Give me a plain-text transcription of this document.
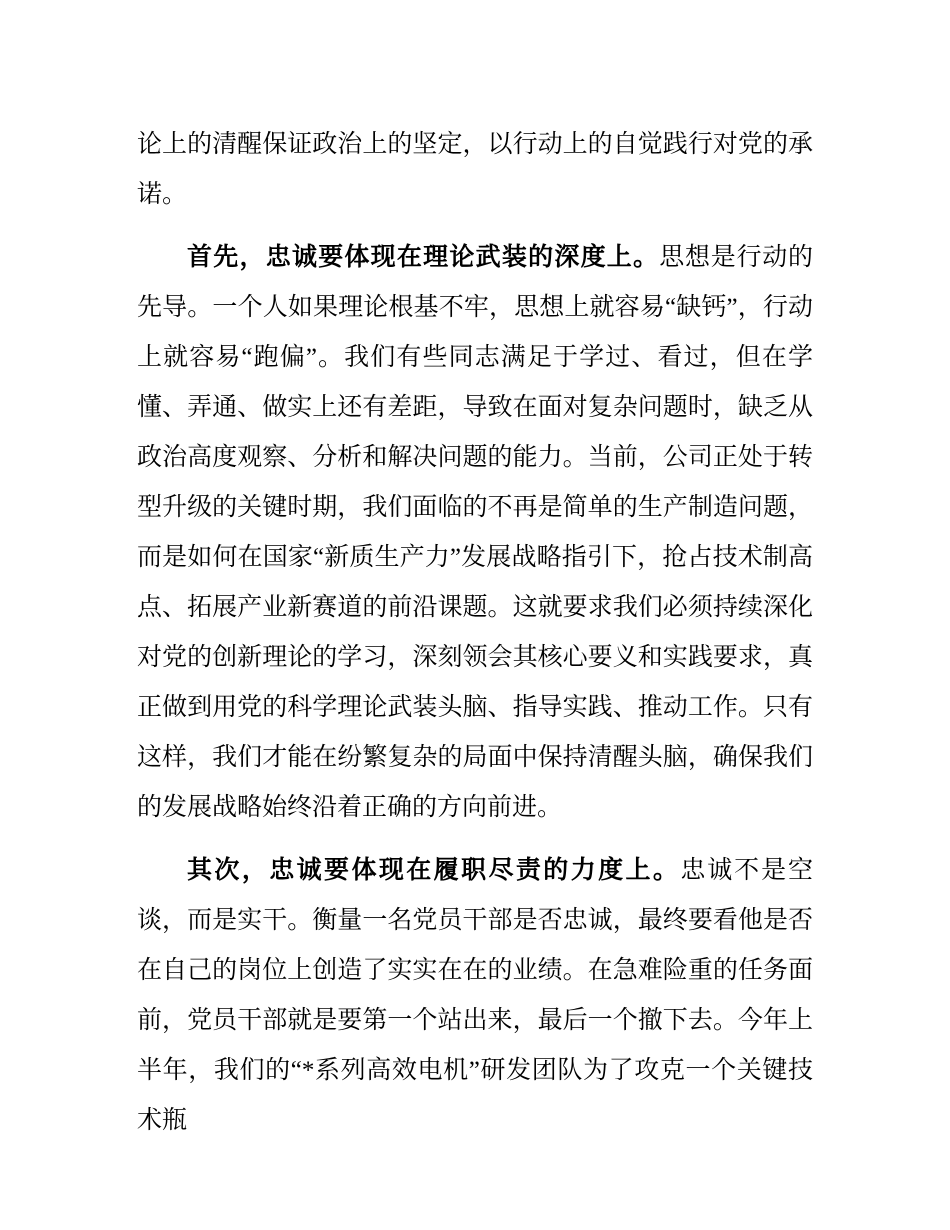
论上的清醒保证政治上的坚定，以行动上的自觉践行对党的承诺。

首先，忠诚要体现在理论武装的深度上。思想是行动的先导。一个人如果理论根基不牢，思想上就容易“缺钙”，行动上就容易“跑偏”。我们有些同志满足于学过、看过，但在学懂、弄通、做实上还有差距，导致在面对复杂问题时，缺乏从政治高度观察、分析和解决问题的能力。当前，公司正处于转型升级的关键时期，我们面临的不再是简单的生产制造问题，而是如何在国家“新质生产力”发展战略指引下，抢占技术制高点、拓展产业新赛道的前沿课题。这就要求我们必须持续深化对党的创新理论的学习，深刻领会其核心要义和实践要求，真正做到用党的科学理论武装头脑、指导实践、推动工作。只有这样，我们才能在纷繁复杂的局面中保持清醒头脑，确保我们的发展战略始终沿着正确的方向前进。

其次，忠诚要体现在履职尽责的力度上。忠诚不是空谈，而是实干。衡量一名党员干部是否忠诚，最终要看他是否在自己的岗位上创造了实实在在的业绩。在急难险重的任务面前，党员干部就是要第一个站出来，最后一个撤下去。今年上半年，我们的“*系列高效电机”研发团队为了攻克一个关键技术瓶
